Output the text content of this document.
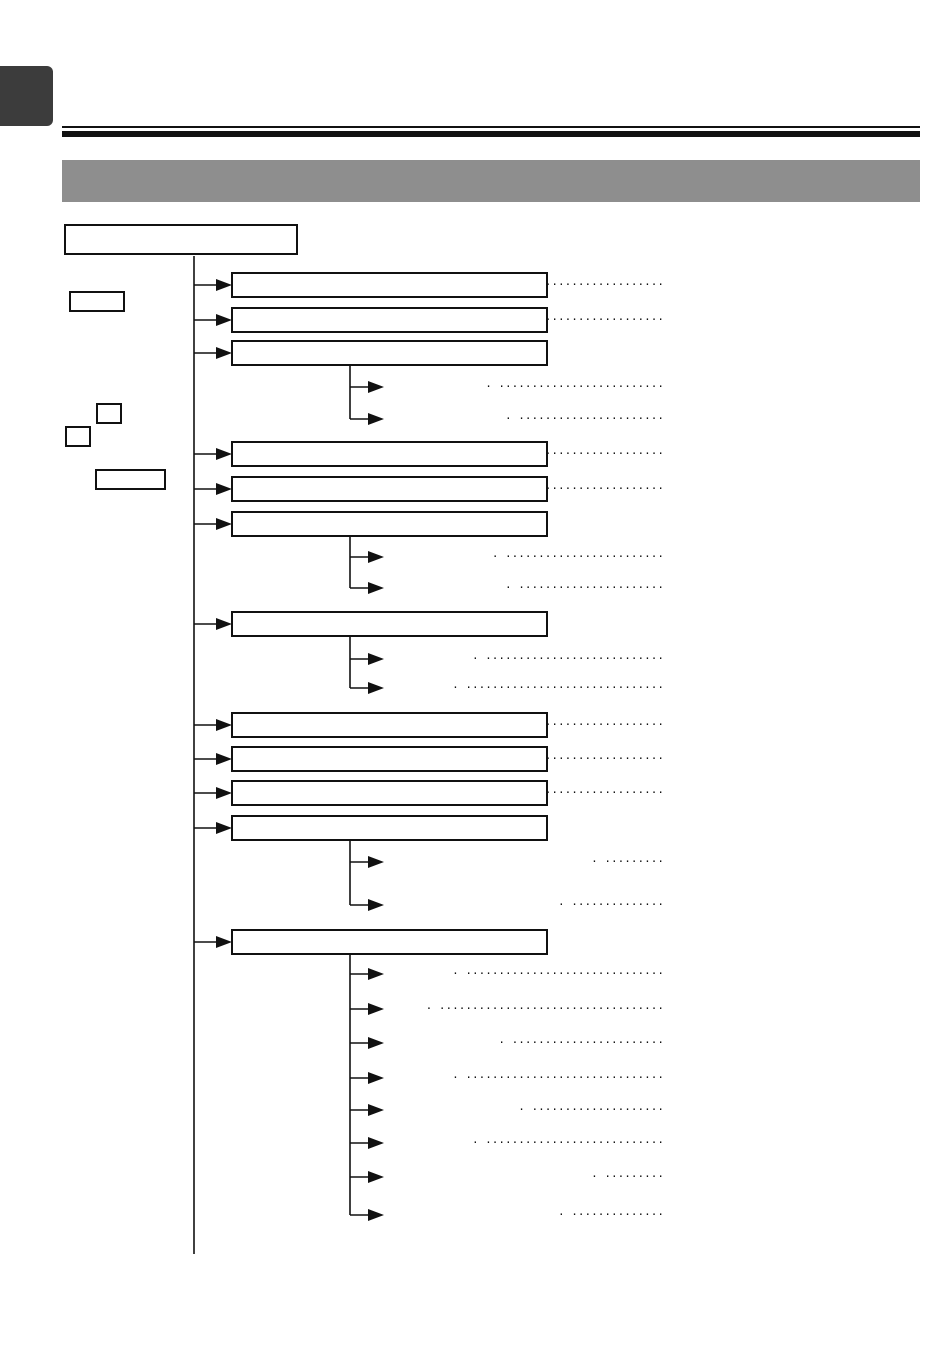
··················
··················
· ·························
· ······················
··················
··················
· ························
· ······················
· ···························
· ······························
··················
··················
··················
· ·········
· ··············
· ······························
· ··································
· ·······················
· ······························
· ····················
· ···························
· ·········
· ··············
